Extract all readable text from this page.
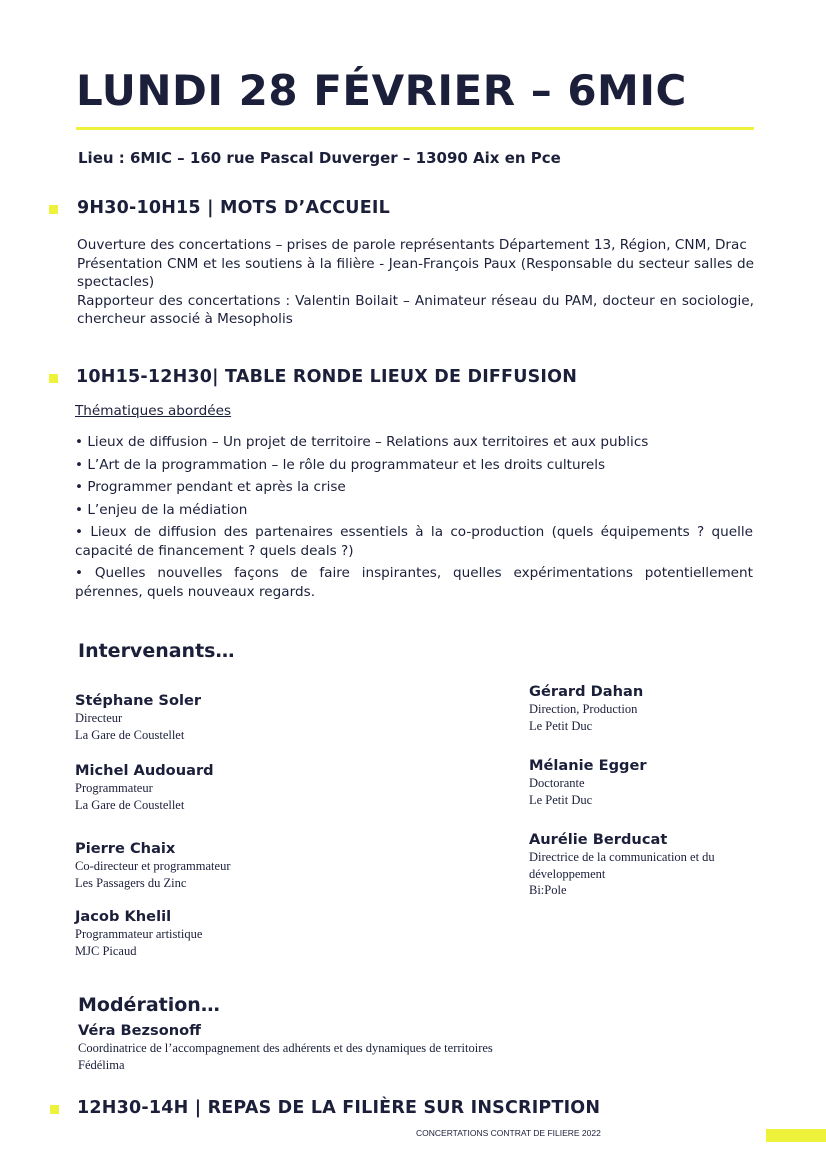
LUNDI 28 FÉVRIER – 6MIC
Lieu : 6MIC – 160 rue Pascal Duverger – 13090 Aix en Pce
9H30-10H15 | MOTS D’ACCUEIL

Ouverture des concertations – prises de parole représentants Département 13, Région, CNM, Drac

Présentation CNM et les soutiens à la filière - Jean-François Paux (Responsable du secteur salles de spectacles)

Rapporteur des concertations : Valentin Boilait – Animateur réseau du PAM, docteur en sociologie, chercheur associé à Mesopholis

10H15-12H30| TABLE RONDE LIEUX DE DIFFUSION
Thématiques abordées
• Lieux de diffusion – Un projet de territoire – Relations aux territoires et aux publics
• L’Art de la programmation – le rôle du programmateur et les droits culturels
• Programmer pendant et après la crise
• L’enjeu de la médiation
• Lieux de diffusion des partenaires essentiels à la co-production (quels équipements ? quelle capacité de financement ? quels deals ?)
• Quelles nouvelles façons de faire inspirantes, quelles expérimentations potentiellement pérennes, quels nouveaux regards.
Intervenants…
Stéphane Soler
Directeur
La Gare de Coustellet
Michel Audouard
Programmateur
La Gare de Coustellet
Pierre Chaix
Co-directeur et programmateur
Les Passagers du Zinc
Jacob Khelil
Programmateur artistique
MJC Picaud
Gérard Dahan
Direction, Production
Le Petit Duc
Mélanie Egger
Doctorante
Le Petit Duc
Aurélie Berducat
Directrice de la communication et du développement
Bi:Pole
Modération…
Véra Bezsonoff
Coordinatrice de l’accompagnement des adhérents et des dynamiques de territoires
Fédélima
12H30-14H | REPAS DE LA FILIÈRE SUR INSCRIPTION
CONCERTATIONS CONTRAT DE FILIERE 2022
